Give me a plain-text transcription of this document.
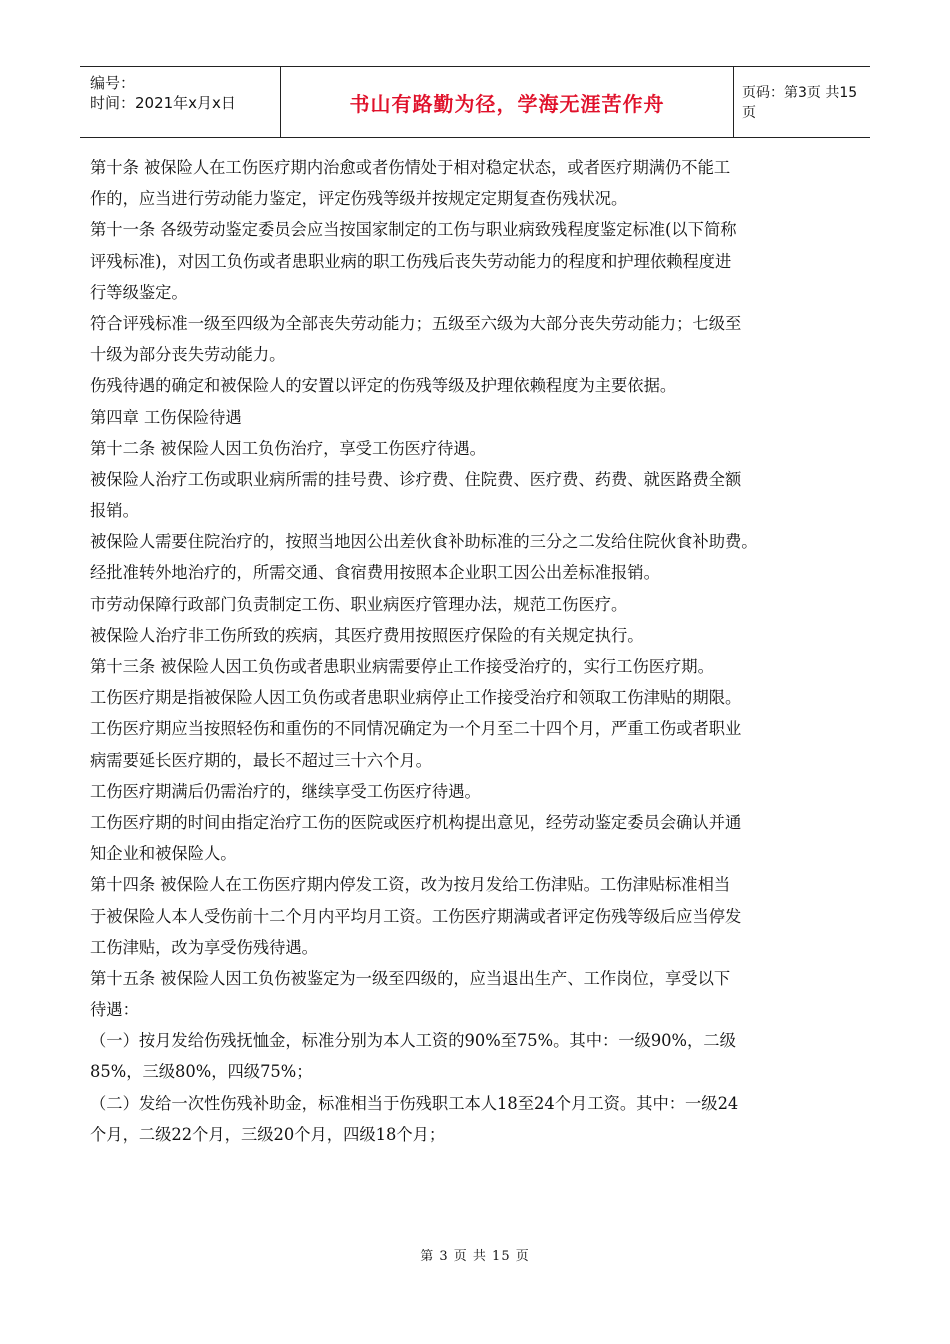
编号：
时间：2021年x月x日	书山有路勤为径，学海无涯苦作舟	页码：第3页 共15页
第十条 被保险人在工伤医疗期内治愈或者伤情处于相对稳定状态，或者医疗期满仍不能工
作的，应当进行劳动能力鉴定，评定伤残等级并按规定定期复查伤残状况。
第十一条 各级劳动鉴定委员会应当按国家制定的工伤与职业病致残程度鉴定标准(以下简称
评残标准)，对因工负伤或者患职业病的职工伤残后丧失劳动能力的程度和护理依赖程度进
行等级鉴定。
符合评残标准一级至四级为全部丧失劳动能力；五级至六级为大部分丧失劳动能力；七级至
十级为部分丧失劳动能力。
伤残待遇的确定和被保险人的安置以评定的伤残等级及护理依赖程度为主要依据。
第四章 工伤保险待遇
第十二条 被保险人因工负伤治疗，享受工伤医疗待遇。
被保险人治疗工伤或职业病所需的挂号费、诊疗费、住院费、医疗费、药费、就医路费全额
报销。
被保险人需要住院治疗的，按照当地因公出差伙食补助标准的三分之二发给住院伙食补助费。
经批准转外地治疗的，所需交通、食宿费用按照本企业职工因公出差标准报销。
市劳动保障行政部门负责制定工伤、职业病医疗管理办法，规范工伤医疗。
被保险人治疗非工伤所致的疾病，其医疗费用按照医疗保险的有关规定执行。
第十三条 被保险人因工负伤或者患职业病需要停止工作接受治疗的，实行工伤医疗期。
工伤医疗期是指被保险人因工负伤或者患职业病停止工作接受治疗和领取工伤津贴的期限。
工伤医疗期应当按照轻伤和重伤的不同情况确定为一个月至二十四个月，严重工伤或者职业
病需要延长医疗期的，最长不超过三十六个月。
工伤医疗期满后仍需治疗的，继续享受工伤医疗待遇。
工伤医疗期的时间由指定治疗工伤的医院或医疗机构提出意见，经劳动鉴定委员会确认并通
知企业和被保险人。
第十四条 被保险人在工伤医疗期内停发工资，改为按月发给工伤津贴。工伤津贴标准相当
于被保险人本人受伤前十二个月内平均月工资。工伤医疗期满或者评定伤残等级后应当停发
工伤津贴，改为享受伤残待遇。
第十五条 被保险人因工负伤被鉴定为一级至四级的，应当退出生产、工作岗位，享受以下
待遇：
（一）按月发给伤残抚恤金，标准分别为本人工资的90%至75%。其中：一级90%，二级
85%，三级80%，四级75%；
（二）发给一次性伤残补助金，标准相当于伤残职工本人18至24个月工资。其中：一级24
个月，二级22个月，三级20个月，四级18个月；
第 3 页 共 15 页
